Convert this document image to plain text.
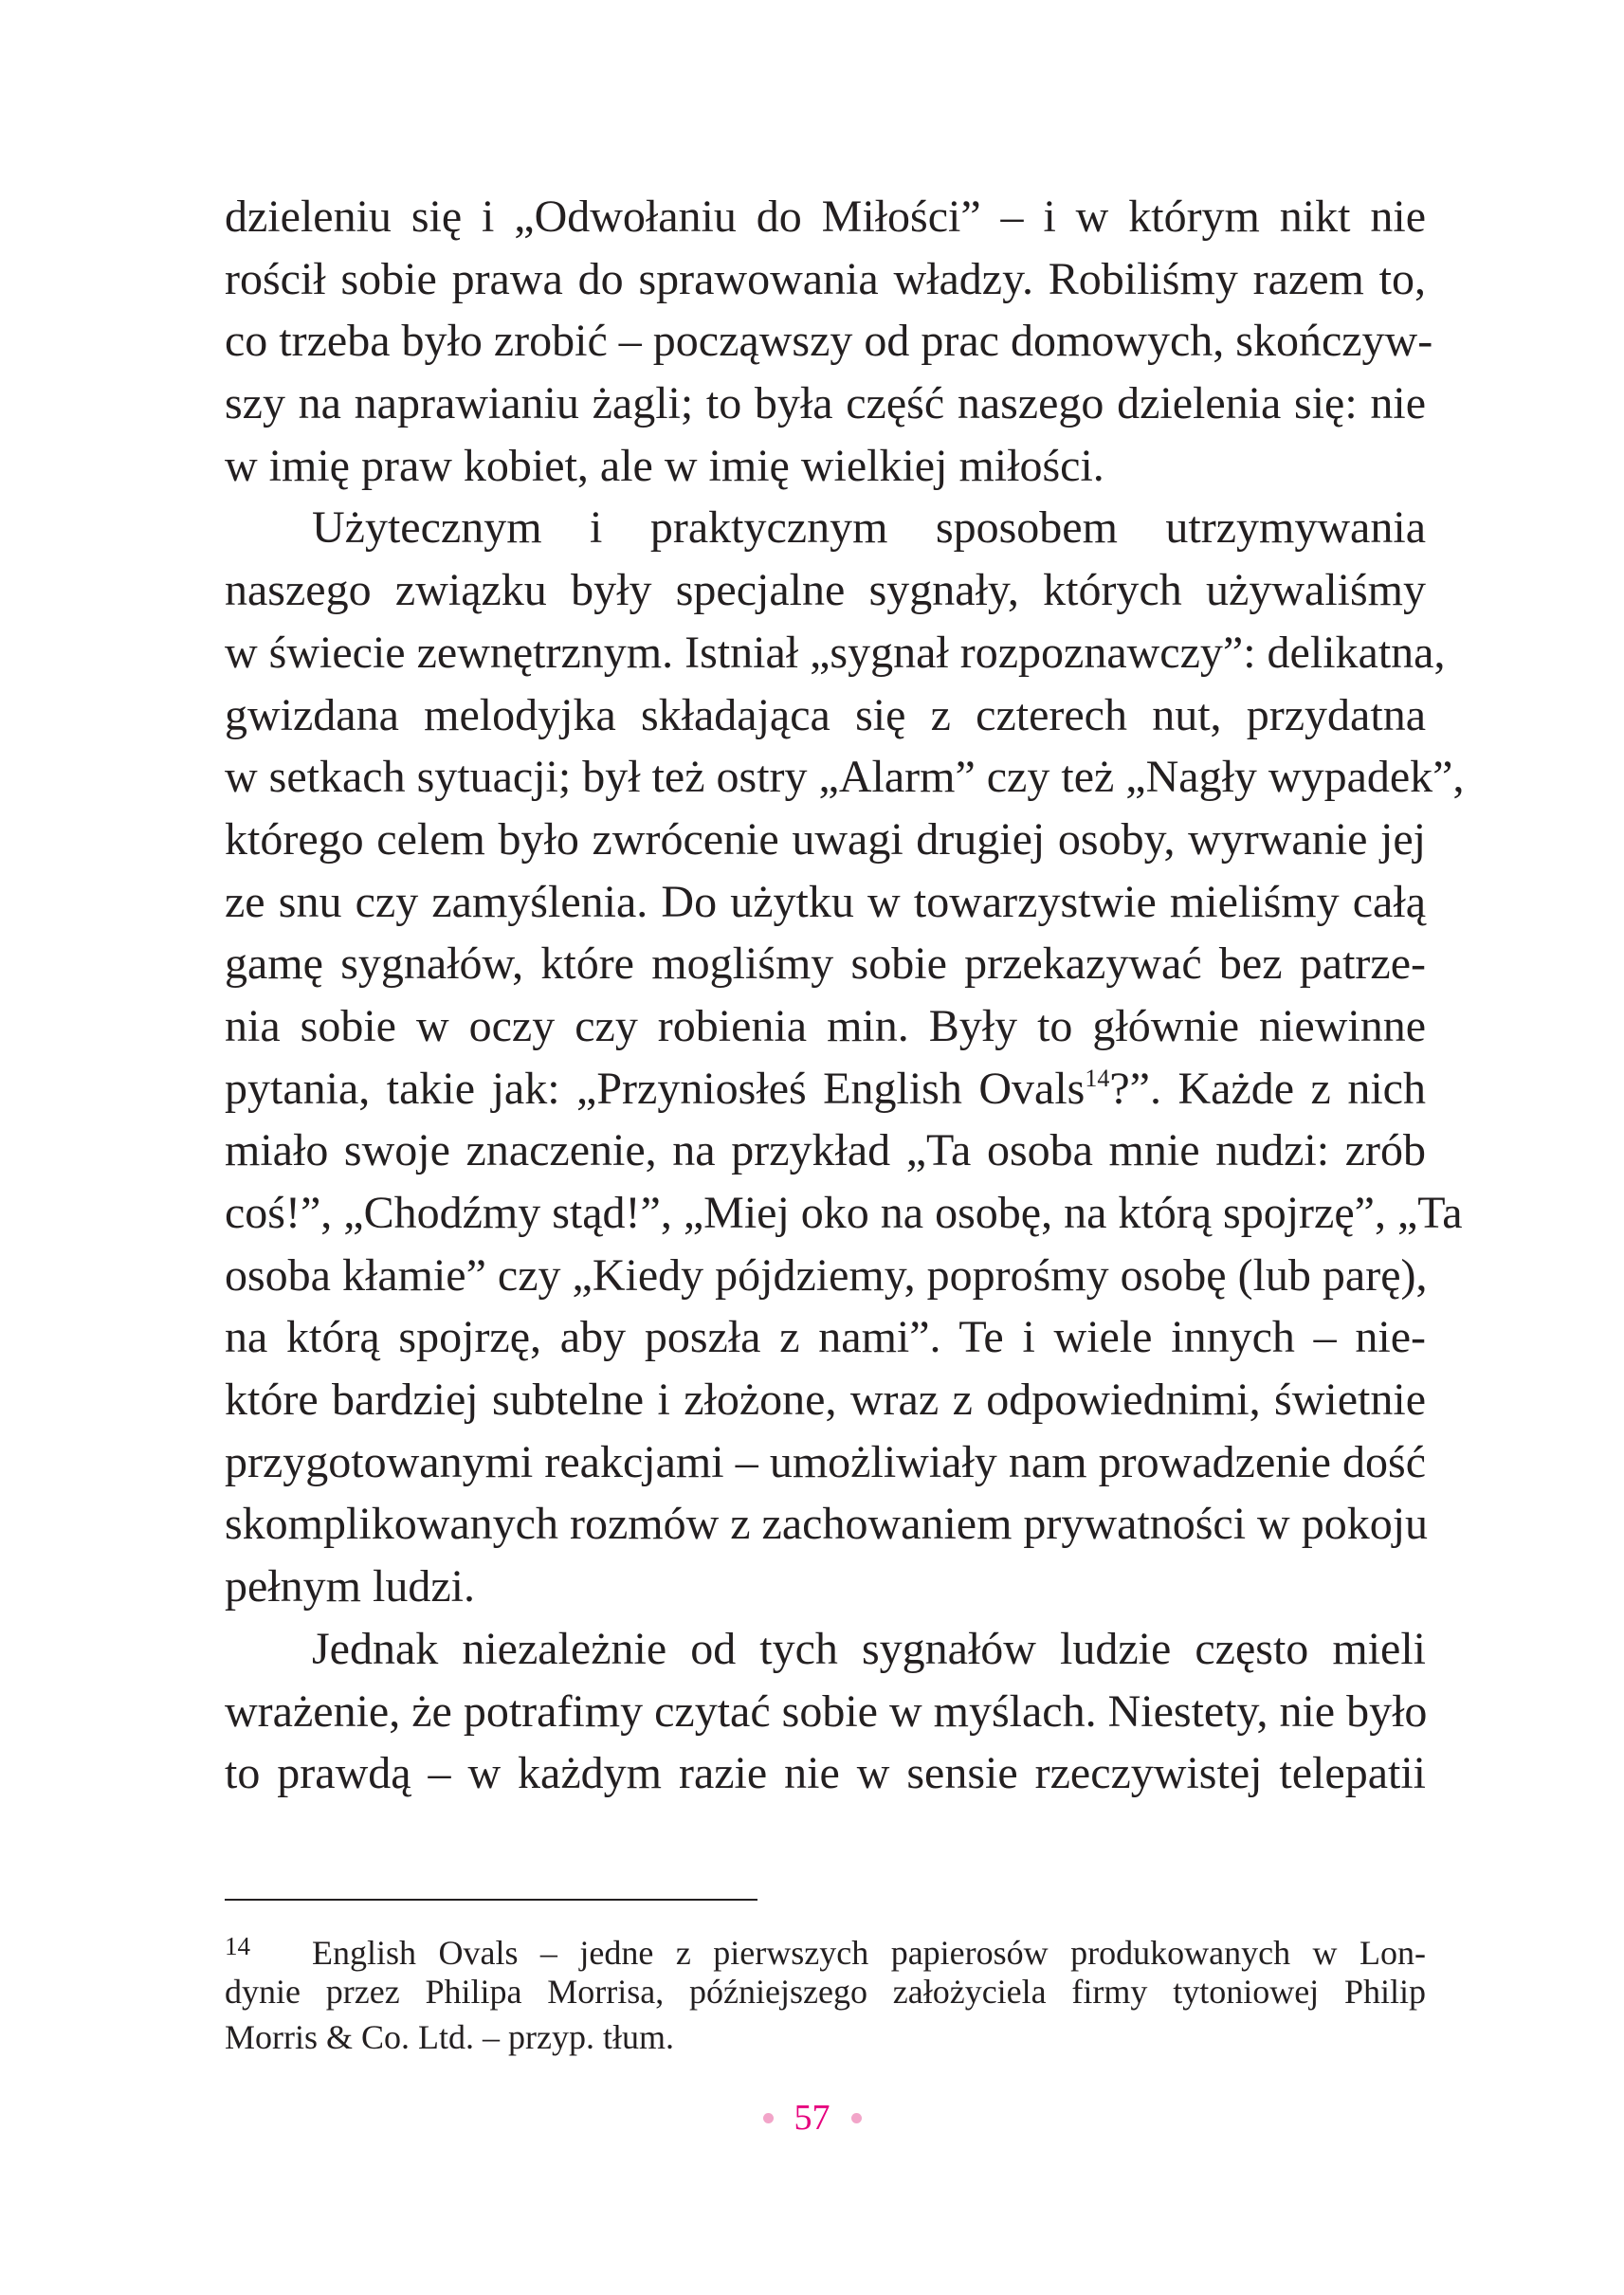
dzieleniu się i „Odwołaniu do Miłości” – i w którym nikt nie
rościł sobie prawa do sprawowania władzy. Robiliśmy razem to,
co trzeba było zrobić – począwszy od prac domowych, skończyw-
szy na naprawianiu żagli; to była część naszego dzielenia się: nie
w imię praw kobiet, ale w imię wielkiej miłości.
Użytecznym i praktycznym sposobem utrzymywania
naszego związku były specjalne sygnały, których używaliśmy
w świecie zewnętrznym. Istniał „sygnał rozpoznawczy”: delikatna,
gwizdana melodyjka składająca się z czterech nut, przydatna
w setkach sytuacji; był też ostry „Alarm” czy też „Nagły wypadek”,
którego celem było zwrócenie uwagi drugiej osoby, wyrwanie jej
ze snu czy zamyślenia. Do użytku w towarzystwie mieliśmy całą
gamę sygnałów, które mogliśmy sobie przekazywać bez patrze-
nia sobie w oczy czy robienia min. Były to głównie niewinne
pytania, takie jak: „Przyniosłeś English Ovals$^{14}$?”. Każde z nich
miało swoje znaczenie, na przykład „Ta osoba mnie nudzi: zrób
coś!”, „Chodźmy stąd!”, „Miej oko na osobę, na którą spojrzę”, „Ta
osoba kłamie” czy „Kiedy pójdziemy, poprośmy osobę (lub parę),
na którą spojrzę, aby poszła z nami”. Te i wiele innych – nie-
które bardziej subtelne i złożone, wraz z odpowiednimi, świetnie
przygotowanymi reakcjami – umożliwiały nam prowadzenie dość
skomplikowanych rozmów z zachowaniem prywatności w pokoju
pełnym ludzi.
Jednak niezależnie od tych sygnałów ludzie często mieli
wrażenie, że potrafimy czytać sobie w myślach. Niestety, nie było
to prawdą – w każdym razie nie w sensie rzeczywistej telepatii
14 English Ovals – jedne z pierwszych papierosów produkowanych w Lon-
dynie przez Philipa Morrisa, późniejszego założyciela firmy tytoniowej Philip
Morris & Co. Ltd. – przyp. tłum.
57
